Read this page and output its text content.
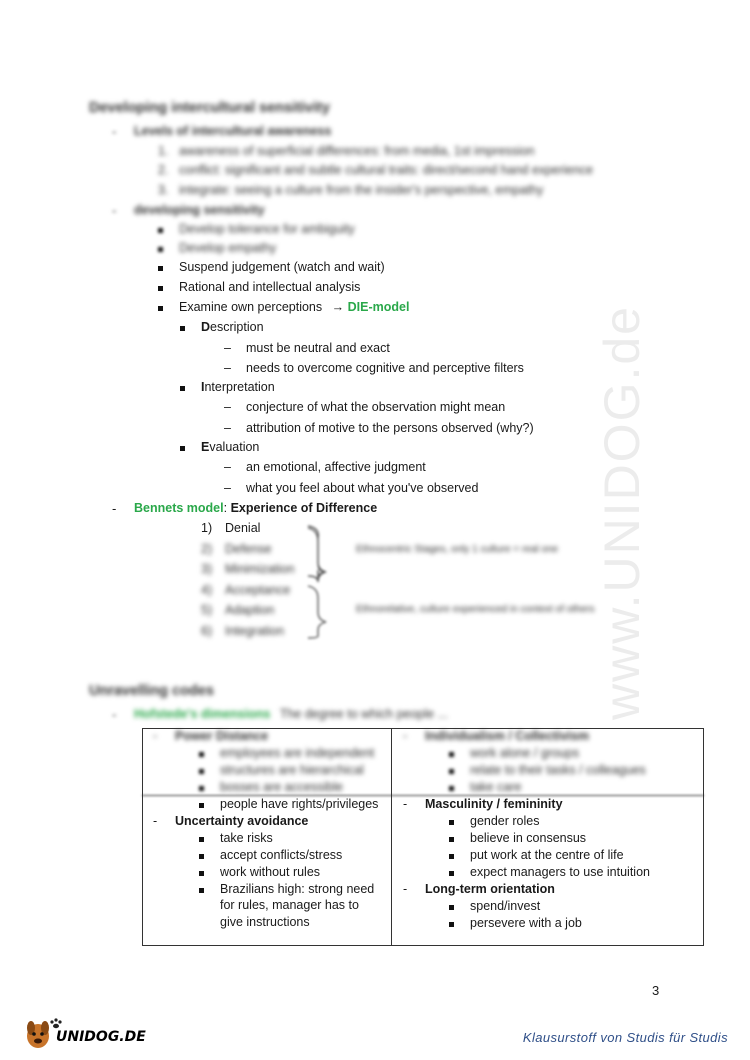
www.UNIDOG.de
Developing intercultural sensitivity
- Levels of intercultural awareness
1. awareness of superficial differences: from media, 1st impression
2. conflict: significant and subtle cultural traits: direct/second hand experience
3. integrate: seeing a culture from the insider's perspective, empathy
- developing sensitivity
Develop tolerance for ambiguity
Develop empathy
Suspend judgement (watch and wait)
Rational and intellectual analysis
Examine own perceptions → DIE-model
Description
– must be neutral and exact
– needs to overcome cognitive and perceptive filters
Interpretation
– conjecture of what the observation might mean
– attribution of motive to the persons observed (why?)
Evaluation
– an emotional, affective judgment
– what you feel about what you've observed
- Bennets model: Experience of Difference
1) Denial
2) Defense
3) Minimization
4) Acceptance
5) Adaption
6) Integration
Ethnocentric Stages, only 1 culture = real one
Ethnorelative, culture experienced in context of others
Unravelling codes
- Hofstede's dimensions The degree to which people ...
- Power Distance
employees are independent
structures are hierarchical
bosses are accessible
people have rights/privileges
- Uncertainty avoidance
take risks
accept conflicts/stress
work without rules
Brazilians high: strong need
for rules, manager has to
give instructions
- Individualism / Collectivism
work alone / groups
relate to their tasks / colleagues
take care
- Masculinity / femininity
gender roles
believe in consensus
put work at the centre of life
expect managers to use intuition
- Long-term orientation
spend/invest
persevere with a job
3
UNIDOG.DE	Klausurstoff von Studis für Studis
